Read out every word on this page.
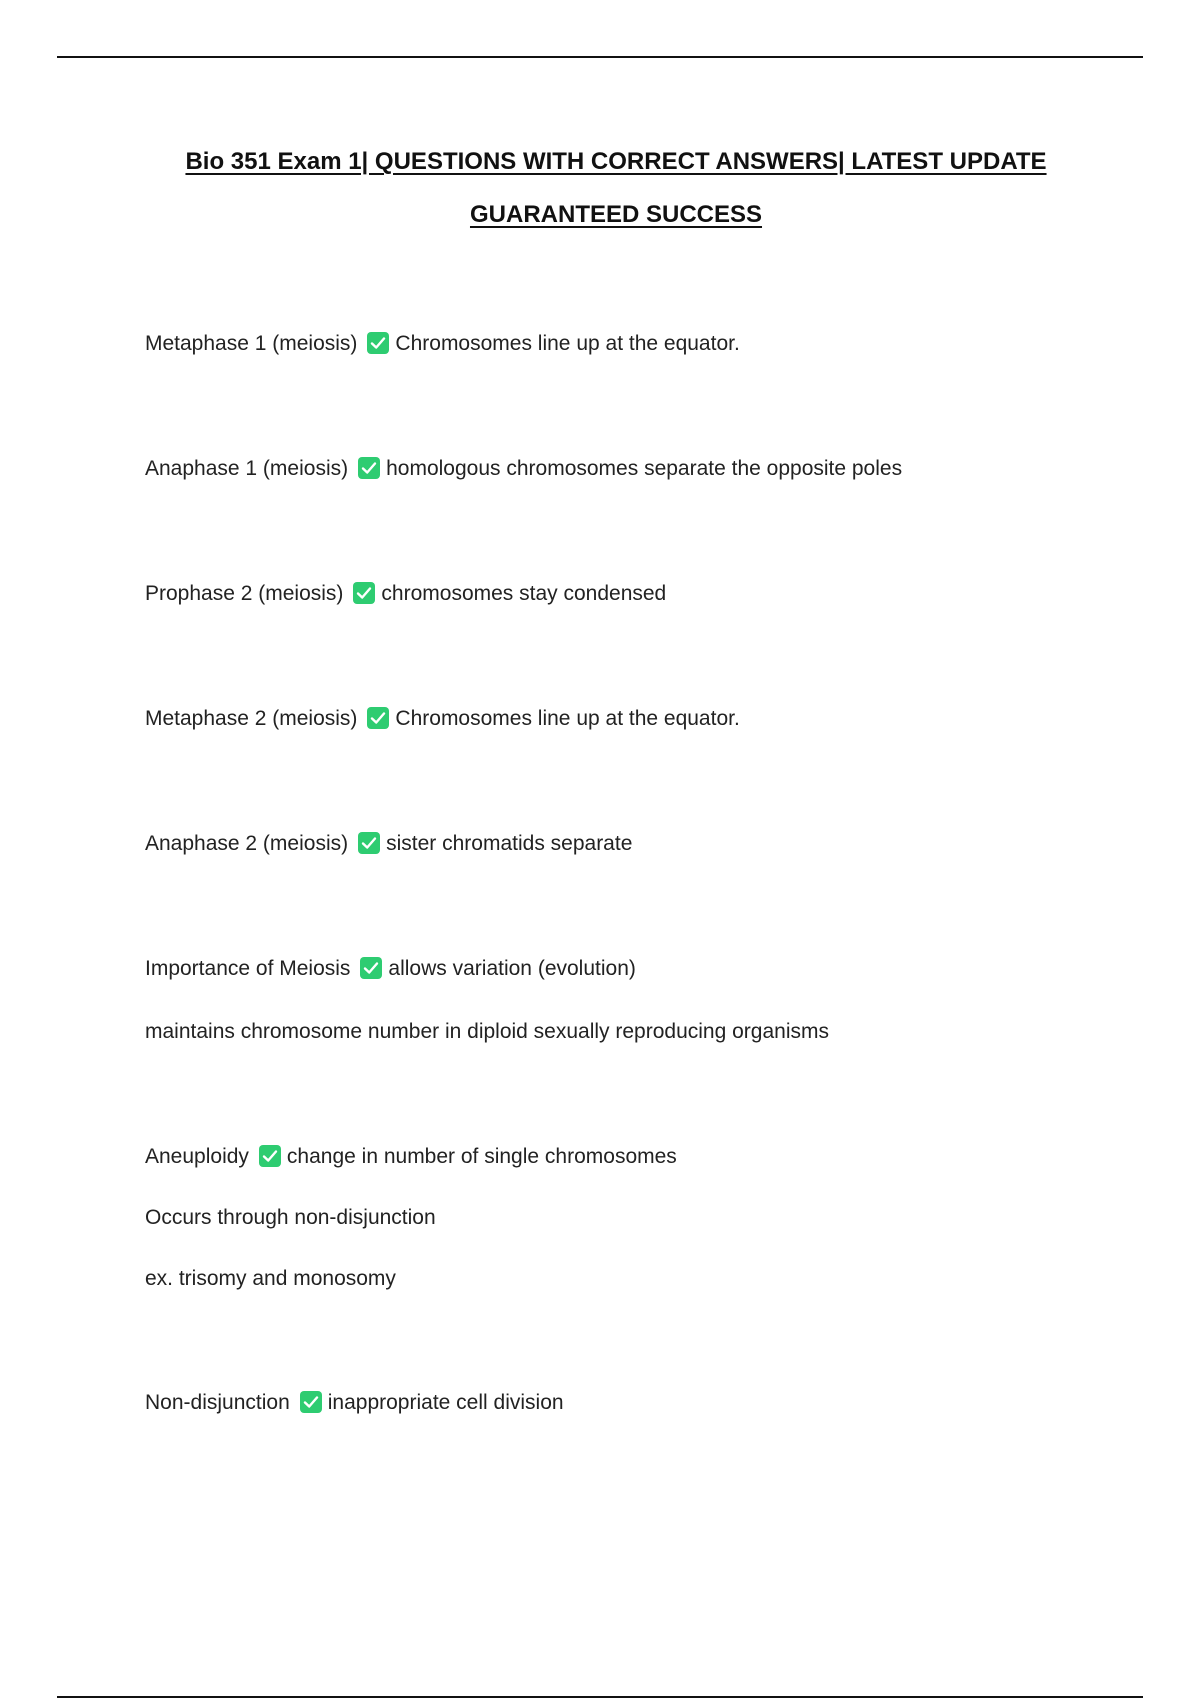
Bio 351 Exam 1| QUESTIONS WITH CORRECT ANSWERS| LATEST UPDATE
GUARANTEED SUCCESS
Metaphase 1 (meiosis) Chromosomes line up at the equator.
Anaphase 1 (meiosis) homologous chromosomes separate the opposite poles
Prophase 2 (meiosis) chromosomes stay condensed
Metaphase 2 (meiosis) Chromosomes line up at the equator.
Anaphase 2 (meiosis) sister chromatids separate
Importance of Meiosis allows variation (evolution)
maintains chromosome number in diploid sexually reproducing organisms
Aneuploidy change in number of single chromosomes
Occurs through non-disjunction
ex. trisomy and monosomy
Non-disjunction inappropriate cell division
